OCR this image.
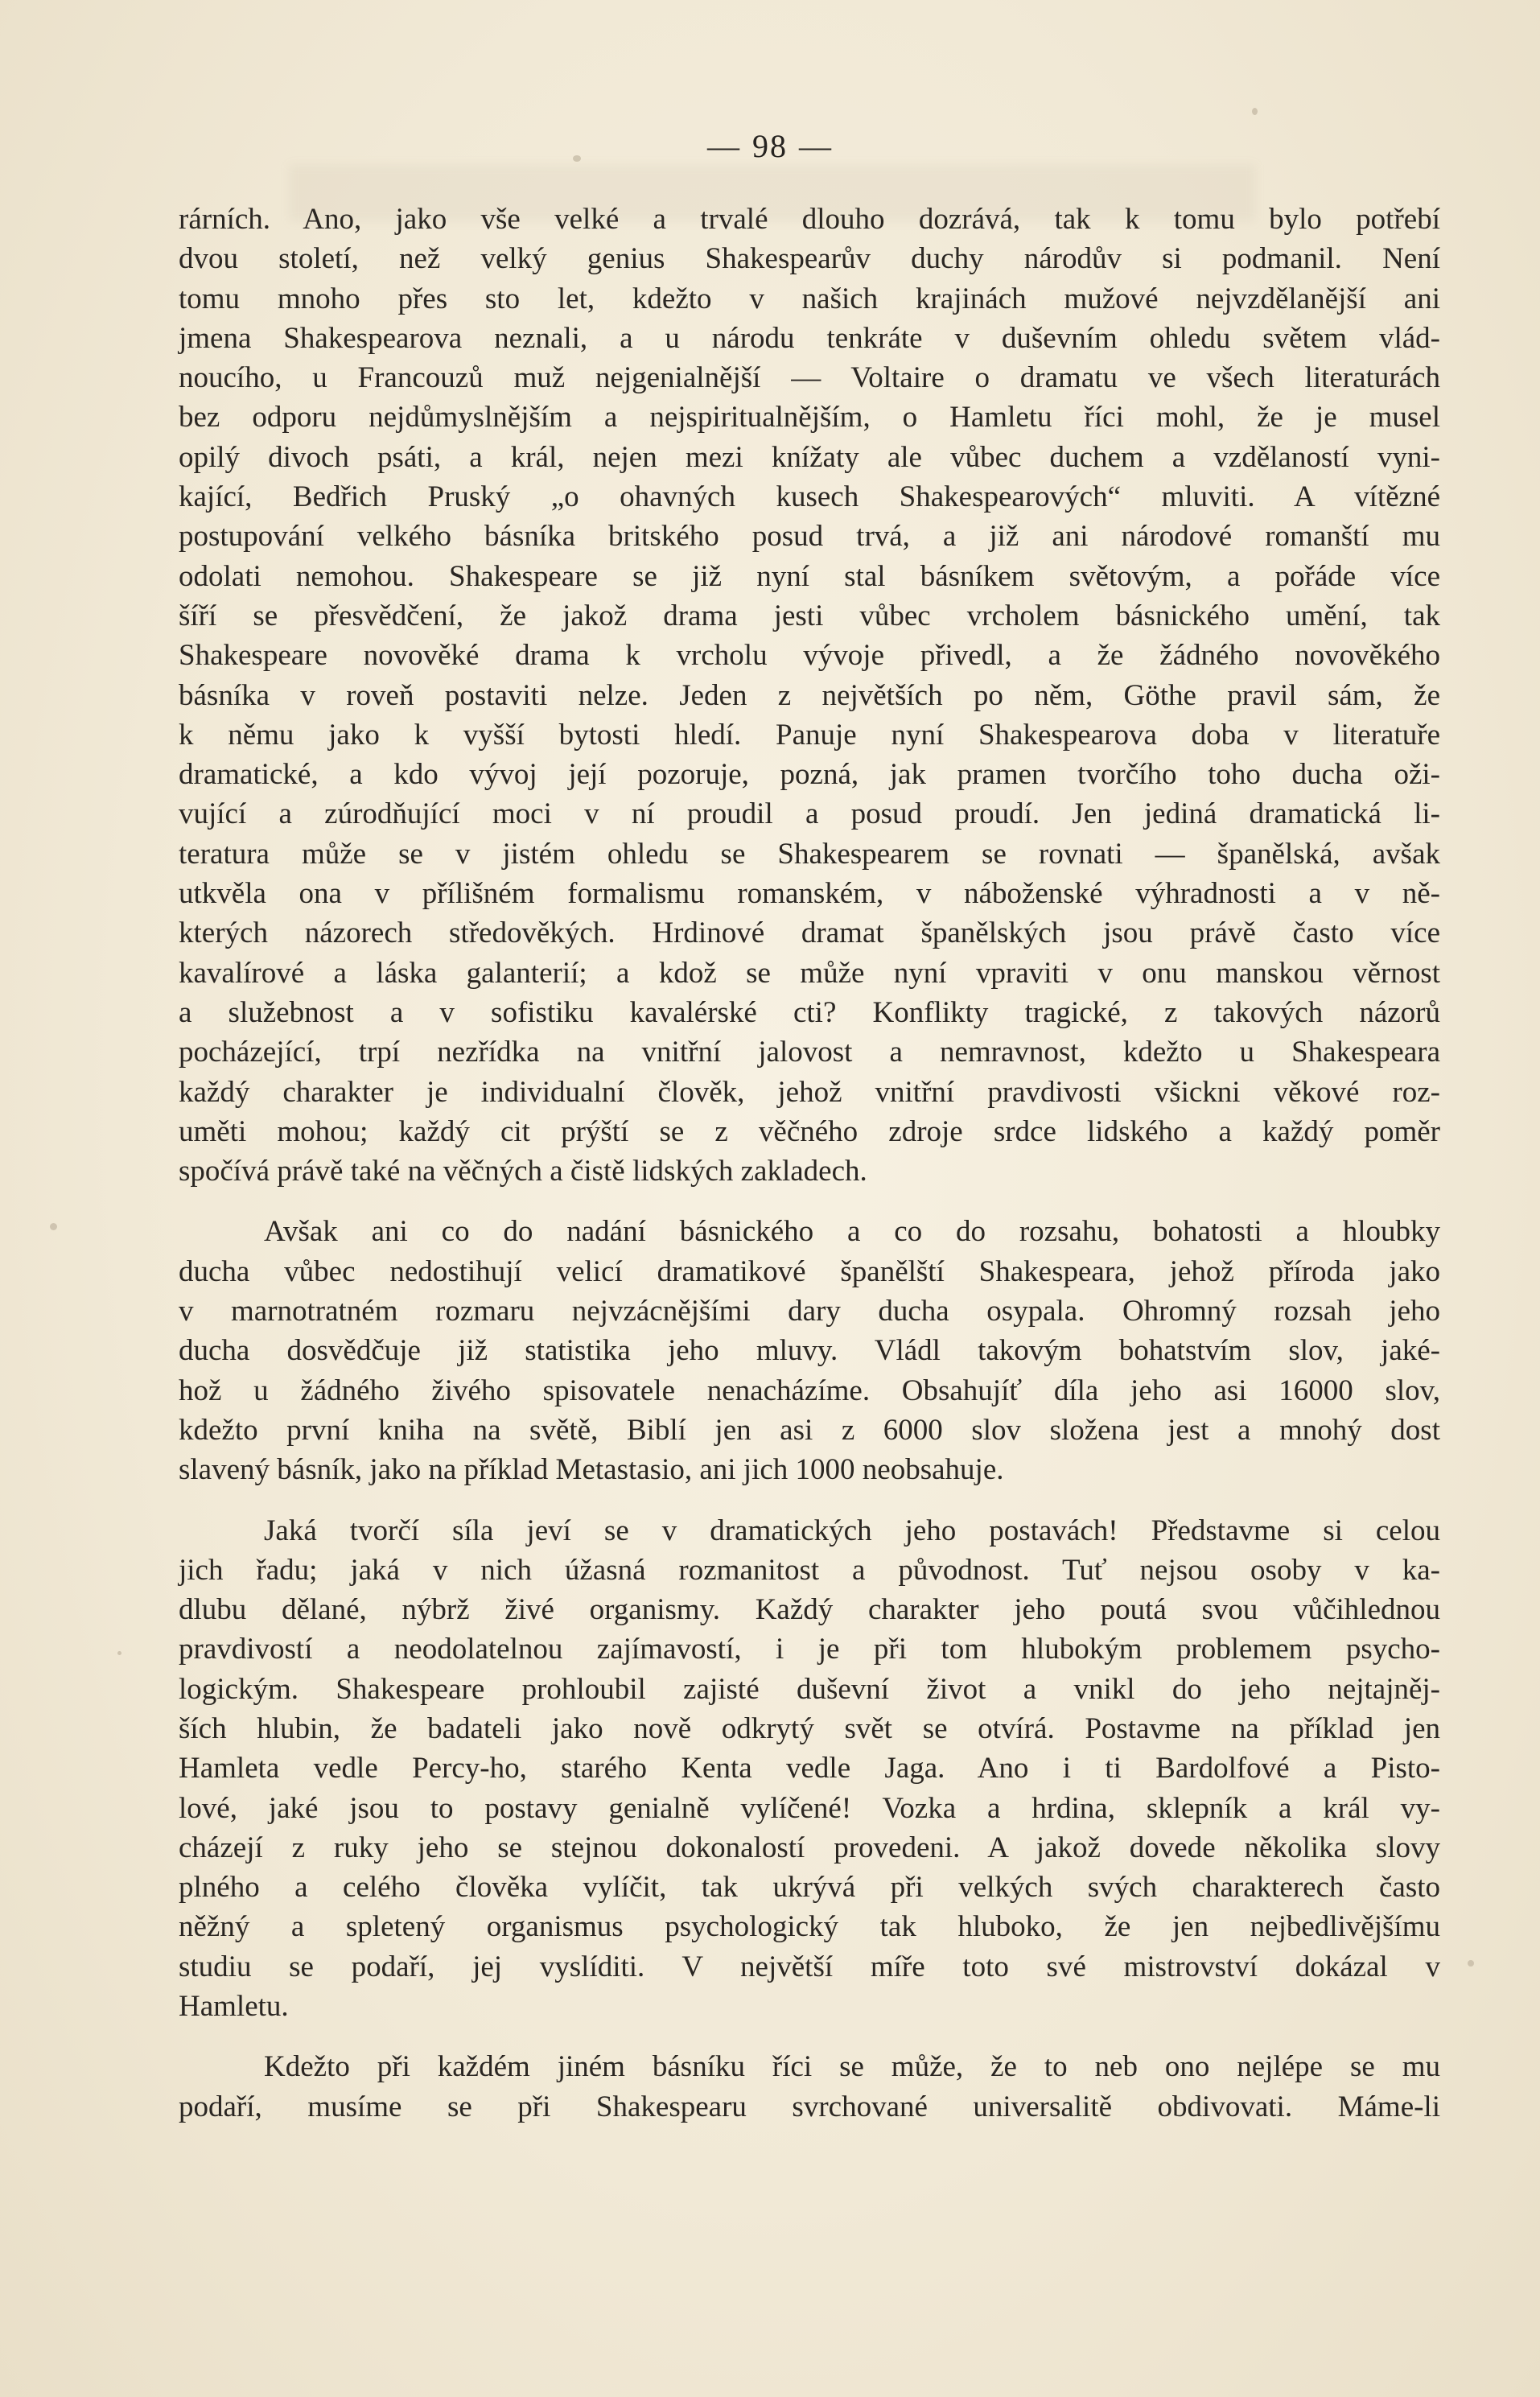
— 98 —
rárních. Ano, jako vše velké a trvalé dlouho dozrává, tak k tomu bylo potřebí
dvou století, než velký genius Shakespearův duchy národův si podmanil. Není
tomu mnoho přes sto let, kdežto v našich krajinách mužové nejvzdělanější ani
jmena Shakespearova neznali, a u národu tenkráte v duševním ohledu světem vlád-
noucího, u Francouzů muž nejgenialnější — Voltaire o dramatu ve všech literaturách
bez odporu nejdůmyslnějším a nejspiritualnějším, o Hamletu říci mohl, že je musel
opilý divoch psáti, a král, nejen mezi knížaty ale vůbec duchem a vzdělaností vyni-
kající, Bedřich Pruský „o ohavných kusech Shakespearových“ mluviti. A vítězné
postupování velkého básníka britského posud trvá, a již ani národové romanští mu
odolati nemohou. Shakespeare se již nyní stal básníkem světovým, a pořáde více
šíří se přesvědčení, že jakož drama jesti vůbec vrcholem básnického umění, tak
Shakespeare novověké drama k vrcholu vývoje přivedl, a že žádného novověkého
básníka v roveň postaviti nelze. Jeden z největších po něm, Göthe pravil sám, že
k němu jako k vyšší bytosti hledí. Panuje nyní Shakespearova doba v literatuře
dramatické, a kdo vývoj její pozoruje, pozná, jak pramen tvorčího toho ducha oži-
vující a zúrodňující moci v ní proudil a posud proudí. Jen jediná dramatická li-
teratura může se v jistém ohledu se Shakespearem se rovnati — španělská, avšak
utkvěla ona v přílišném formalismu romanském, v náboženské výhradnosti a v ně-
kterých názorech středověkých. Hrdinové dramat španělských jsou právě často více
kavalírové a láska galanterií; a kdož se může nyní vpraviti v onu manskou věrnost
a služebnost a v sofistiku kavalérské cti? Konflikty tragické, z takových názorů
pocházející, trpí nezřídka na vnitřní jalovost a nemravnost, kdežto u Shakespeara
každý charakter je individualní člověk, jehož vnitřní pravdivosti všickni věkové roz-
uměti mohou; každý cit prýští se z věčného zdroje srdce lidského a každý poměr
spočívá právě také na věčných a čistě lidských zakladech.
Avšak ani co do nadání básnického a co do rozsahu, bohatosti a hloubky
ducha vůbec nedostihují velicí dramatikové španělští Shakespeara, jehož příroda jako
v marnotratném rozmaru nejvzácnějšími dary ducha osypala. Ohromný rozsah jeho
ducha dosvědčuje již statistika jeho mluvy. Vládl takovým bohatstvím slov, jaké-
hož u žádného živého spisovatele nenacházíme. Obsahujíť díla jeho asi 16000 slov,
kdežto první kniha na světě, Biblí jen asi z 6000 slov složena jest a mnohý dost
slavený básník, jako na příklad Metastasio, ani jich 1000 neobsahuje.
Jaká tvorčí síla jeví se v dramatických jeho postavách! Představme si celou
jich řadu; jaká v nich úžasná rozmanitost a původnost. Tuť nejsou osoby v ka-
dlubu dělané, nýbrž živé organismy. Každý charakter jeho poutá svou vůčihlednou
pravdivostí a neodolatelnou zajímavostí, i je při tom hlubokým problemem psycho-
logickým. Shakespeare prohloubil zajisté duševní život a vnikl do jeho nejtajněj-
ších hlubin, že badateli jako nově odkrytý svět se otvírá. Postavme na příklad jen
Hamleta vedle Percy-ho, starého Kenta vedle Jaga. Ano i ti Bardolfové a Pisto-
lové, jaké jsou to postavy genialně vylíčené! Vozka a hrdina, sklepník a král vy-
cházejí z ruky jeho se stejnou dokonalostí provedeni. A jakož dovede několika slovy
plného a celého člověka vylíčit, tak ukrývá při velkých svých charakterech často
něžný a spletený organismus psychologický tak hluboko, že jen nejbedlivějšímu
studiu se podaří, jej vyslíditi. V největší míře toto své mistrovství dokázal v
Hamletu.
Kdežto při každém jiném básníku říci se může, že to neb ono nejlépe se mu
podaří, musíme se při Shakespearu svrchované universalitě obdivovati. Máme-li
